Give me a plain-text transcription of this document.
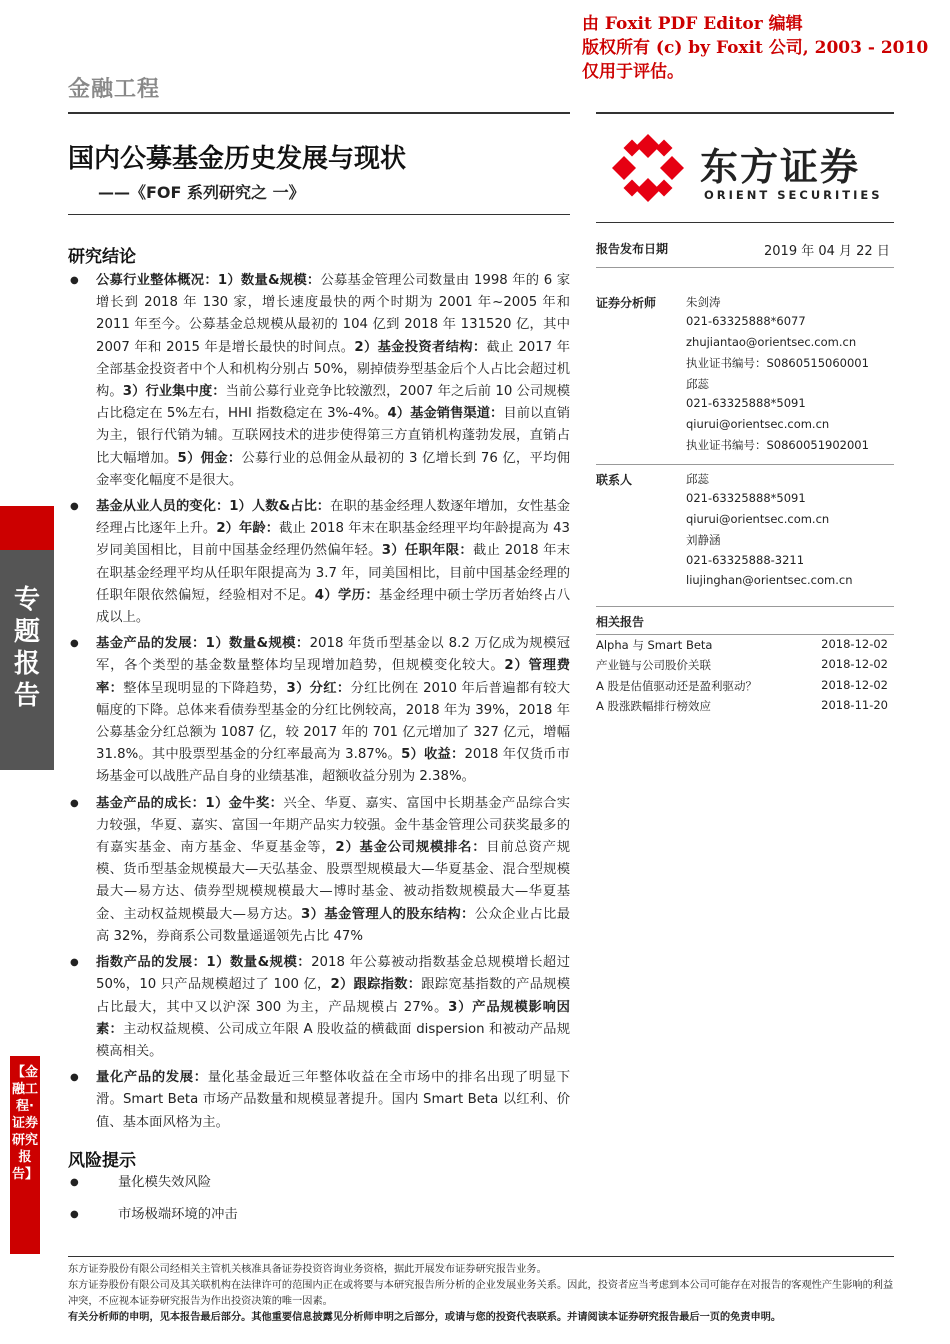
由 Foxit PDF Editor 编辑
版权所有 (c) by Foxit 公司, 2003 - 2010
仅用于评估。
金融工程
国内公募基金历史发展与现状
——《FOF 系列研究之 一》
东方证券
ORIENT SECURITIES
专题报告
【金融工程·证券研究报告】
研究结论
● 公募行业整体概况：1）数量&规模：公募基金管理公司数量由 1998 年的 6 家增长到 2018 年 130 家，增长速度最快的两个时期为 2001 年~2005 年和 2011 年至今。公募基金总规模从最初的 104 亿到 2018 年 131520 亿，其中 2007 年和 2015 年是增长最快的时间点。2）基金投资者结构：截止 2017 年全部基金投资者中个人和机构分别占 50%，剔掉债券型基金后个人占比会超过机构。3）行业集中度：当前公募行业竞争比较激烈，2007 年之后前 10 公司规模占比稳定在 5%左右，HHI 指数稳定在 3%-4%。4）基金销售渠道：目前以直销为主，银行代销为辅。互联网技术的进步使得第三方直销机构蓬勃发展，直销占比大幅增加。5）佣金：公募行业的总佣金从最初的 3 亿增长到 76 亿，平均佣金率变化幅度不是很大。
● 基金从业人员的变化：1）人数&占比：在职的基金经理人数逐年增加，女性基金经理占比逐年上升。2）年龄：截止 2018 年末在职基金经理平均年龄提高为 43 岁同美国相比，目前中国基金经理仍然偏年轻。3）任职年限：截止 2018 年末在职基金经理平均从任职年限提高为 3.7 年，同美国相比，目前中国基金经理的任职年限依然偏短，经验相对不足。4）学历：基金经理中硕士学历者始终占八成以上。
● 基金产品的发展：1）数量&规模：2018 年货币型基金以 8.2 万亿成为规模冠军，各个类型的基金数量整体均呈现增加趋势，但规模变化较大。2）管理费率：整体呈现明显的下降趋势，3）分红：分红比例在 2010 年后普遍都有较大幅度的下降。总体来看债券型基金的分红比例较高，2018 年为 39%，2018 年公募基金分红总额为 1087 亿，较 2017 年的 701 亿元增加了 327 亿元，增幅 31.8%。其中股票型基金的分红率最高为 3.87%。5）收益：2018 年仅货币市场基金可以战胜产品自身的业绩基准，超额收益分别为 2.38%。
● 基金产品的成长：1）金牛奖：兴全、华夏、嘉实、富国中长期基金产品综合实力较强，华夏、嘉实、富国一年期产品实力较强。金牛基金管理公司获奖最多的有嘉实基金、南方基金、华夏基金等，2）基金公司规模排名：目前总资产规模、货币型基金规模最大—天弘基金、股票型规模最大—华夏基金、混合型规模最大—易方达、债券型规模规模最大—博时基金、被动指数规模最大—华夏基金、主动权益规模最大—易方达。3）基金管理人的股东结构：公众企业占比最高 32%，券商系公司数量遥遥领先占比 47%
● 指数产品的发展：1）数量&规模：2018 年公募被动指数基金总规模增长超过 50%，10 只产品规模超过了 100 亿，2）跟踪指数：跟踪宽基指数的产品规模占比最大，其中又以沪深 300 为主，产品规模占 27%。3）产品规模影响因素：主动权益规模、公司成立年限 A 股收益的横截面 dispersion 和被动产品规模高相关。
● 量化产品的发展：量化基金最近三年整体收益在全市场中的排名出现了明显下滑。Smart Beta 市场产品数量和规模显著提升。国内 Smart Beta 以红利、价值、基本面风格为主。
风险提示
● 量化模失效风险
● 市场极端环境的冲击
报告发布日期	2019 年 04 月 22 日
证券分析师	朱剑涛
021-63325888*6077
zhujiantao@orientsec.com.cn
执业证书编号：S0860515060001
邱蕊
021-63325888*5091
qiurui@orientsec.com.cn
执业证书编号：S0860051902001
联系人	邱蕊
021-63325888*5091
qiurui@orientsec.com.cn
刘静涵
021-63325888-3211
liujinghan@orientsec.com.cn
相关报告
Alpha 与 Smart Beta	2018-12-02
产业链与公司股价关联	2018-12-02
A 股是估值驱动还是盈利驱动？	2018-12-02
A 股涨跌幅排行榜效应	2018-11-20
东方证券股份有限公司经相关主管机关核准具备证券投资咨询业务资格，据此开展发布证券研究报告业务。
东方证券股份有限公司及其关联机构在法律许可的范围内正在或将要与本研究报告所分析的企业发展业务关系。因此，投资者应当考虑到本公司可能存在对报告的客观性产生影响的利益冲突，不应视本证券研究报告为作出投资决策的唯一因素。
有关分析师的申明，见本报告最后部分。其他重要信息披露见分析师申明之后部分，或请与您的投资代表联系。并请阅读本证券研究报告最后一页的免责申明。
